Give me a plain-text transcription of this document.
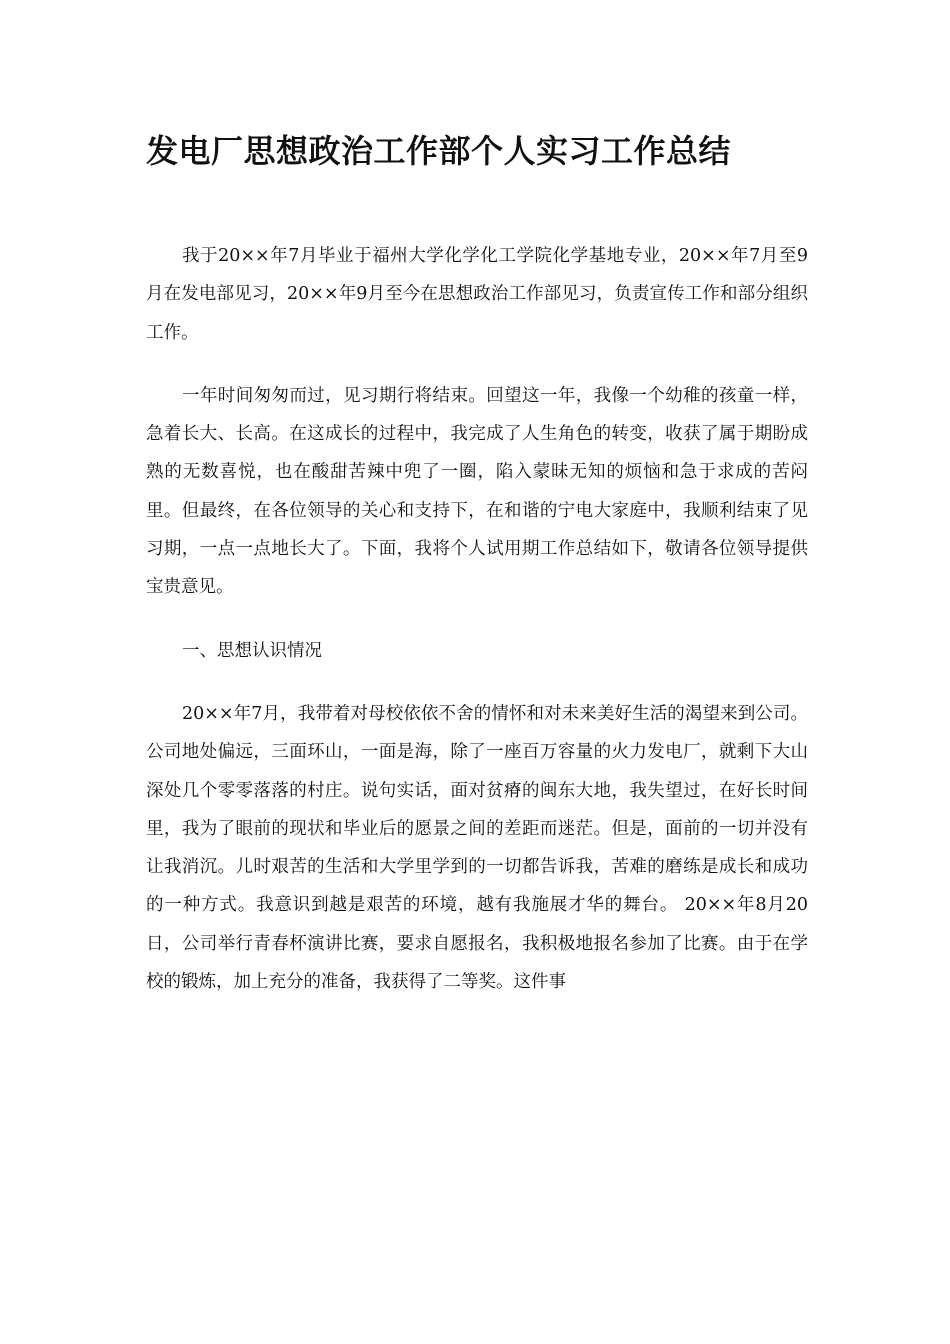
发电厂思想政治工作部个人实习工作总结

我于20××年7月毕业于福州大学化学化工学院化学基地专业，20××年7月至9月在发电部见习，20××年9月至今在思想政治工作部见习，负责宣传工作和部分组织工作。

一年时间匆匆而过，见习期行将结束。回望这一年，我像一个幼稚的孩童一样，急着长大、长高。在这成长的过程中，我完成了人生角色的转变，收获了属于期盼成熟的无数喜悦，也在酸甜苦辣中兜了一圈，陷入蒙昧无知的烦恼和急于求成的苦闷里。但最终，在各位领导的关心和支持下，在和谐的宁电大家庭中，我顺利结束了见习期，一点一点地长大了。下面，我将个人试用期工作总结如下，敬请各位领导提供宝贵意见。

一、思想认识情况

20××年7月，我带着对母校依依不舍的情怀和对未来美好生活的渴望来到公司。公司地处偏远，三面环山，一面是海，除了一座百万容量的火力发电厂，就剩下大山深处几个零零落落的村庄。说句实话，面对贫瘠的闽东大地，我失望过，在好长时间里，我为了眼前的现状和毕业后的愿景之间的差距而迷茫。但是，面前的一切并没有让我消沉。儿时艰苦的生活和大学里学到的一切都告诉我，苦难的磨练是成长和成功的一种方式。我意识到越是艰苦的环境，越有我施展才华的舞台。 20××年8月20日，公司举行青春杯演讲比赛，要求自愿报名，我积极地报名参加了比赛。由于在学校的锻炼，加上充分的准备，我获得了二等奖。这件事
